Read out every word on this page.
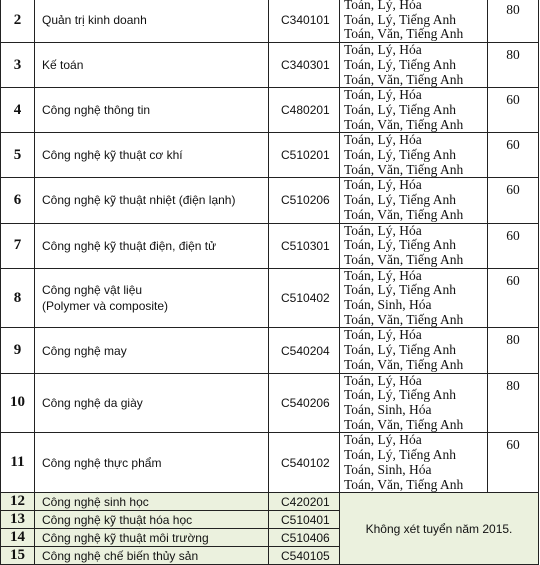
2	Quản trị kinh doanh	C340101	Toán, Lý, Hóa
Toán, Lý, Tiếng Anh
Toán, Văn, Tiếng Anh	80
3	Kế toán	C340301	Toán, Lý, Hóa
Toán, Lý, Tiếng Anh
Toán, Văn, Tiếng Anh	80
4	Công nghệ thông tin	C480201	Toán, Lý, Hóa
Toán, Lý, Tiếng Anh
Toán, Văn, Tiếng Anh	60
5	Công nghệ kỹ thuật cơ khí	C510201	Toán, Lý, Hóa
Toán, Lý, Tiếng Anh
Toán, Văn, Tiếng Anh	60
6	Công nghệ kỹ thuật nhiệt (điện lạnh)	C510206	Toán, Lý, Hóa
Toán, Lý, Tiếng Anh
Toán, Văn, Tiếng Anh	60
7	Công nghệ kỹ thuật điện, điện tử	C510301	Toán, Lý, Hóa
Toán, Lý, Tiếng Anh
Toán, Văn, Tiếng Anh	60
8	Công nghệ vật liệu
(Polymer và composite)	C510402	Toán, Lý, Hóa
Toán, Lý, Tiếng Anh
Toán, Sinh, Hóa
Toán, Văn, Tiếng Anh	60
9	Công nghệ may	C540204	Toán, Lý, Hóa
Toán, Lý, Tiếng Anh
Toán, Văn, Tiếng Anh	80
10	Công nghệ da giày	C540206	Toán, Lý, Hóa
Toán, Lý, Tiếng Anh
Toán, Sinh, Hóa
Toán, Văn, Tiếng Anh	80
11	Công nghệ thực phẩm	C540102	Toán, Lý, Hóa
Toán, Lý, Tiếng Anh
Toán, Sinh, Hóa
Toán, Văn, Tiếng Anh	60
12	Công nghệ sinh học	C420201	Không xét tuyển năm 2015.	
13	Công nghệ kỹ thuật hóa học	C510401		
14	Công nghệ kỹ thuật môi trường	C510406		
15	Công nghệ chế biến thủy sản	C540105		
